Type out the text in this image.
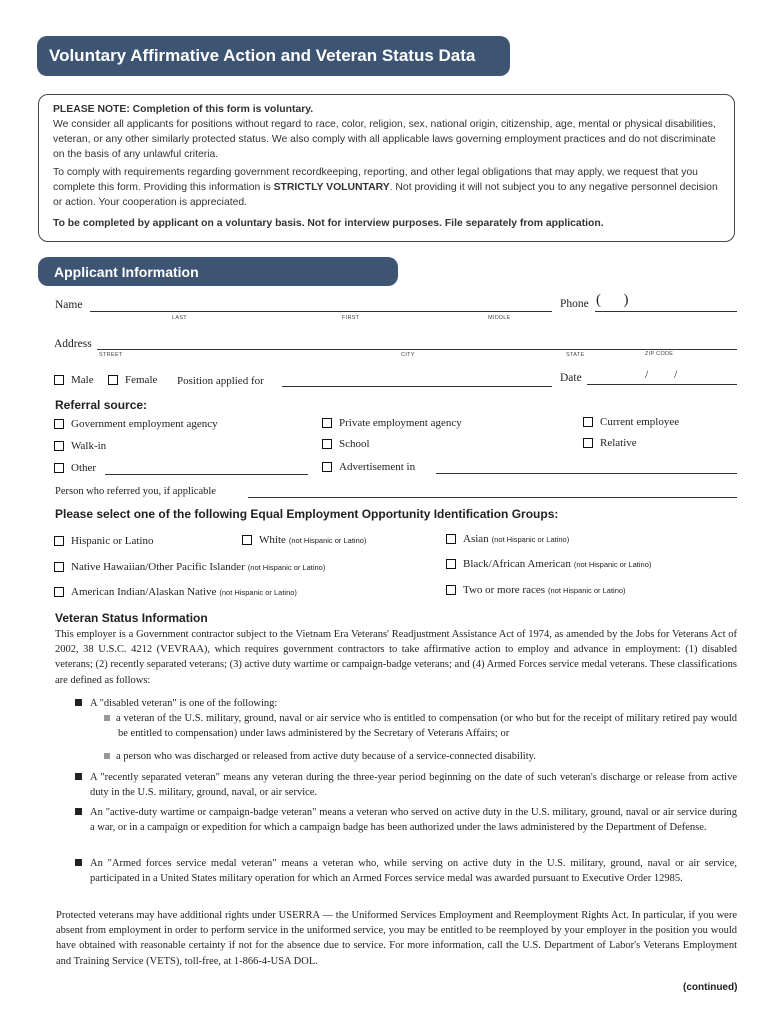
Voluntary Affirmative Action and Veteran Status Data

PLEASE NOTE: Completion of this form is voluntary.

We consider all applicants for positions without regard to race, color, religion, sex, national origin, citizenship, age, mental or physical disabilities, veteran, or any other similarly protected status. We also comply with all applicable laws governing employment practices and do not discriminate on the basis of any unlawful criteria.

To comply with requirements regarding government recordkeeping, reporting, and other legal obligations that may apply, we request that you complete this form. Providing this information is STRICTLY VOLUNTARY. Not providing it will not subject you to any negative personnel decision or action. Your cooperation is appreciated.

To be completed by applicant on a voluntary basis. Not for interview purposes. File separately from application.

Applicant Information
Name
LAST	FIRST	MIDDLE
Phone (      )
Address
STREET	CITY	STATE	ZIP CODE
Male	Female Position applied for	Date	/         /
Referral source:
Government employment agency	Private employment agency	Current employee
Walk-in	School	Relative
Other	Advertisement in
Person who referred you, if applicable
Please select one of the following Equal Employment Opportunity Identification Groups:
Hispanic or Latino	White (not Hispanic or Latino)	Asian (not Hispanic or Latino)
Native Hawaiian/Other Pacific Islander (not Hispanic or Latino)	Black/African American (not Hispanic or Latino)
American Indian/Alaskan Native (not Hispanic or Latino)	Two or more races (not Hispanic or Latino)
Veteran Status Information
This employer is a Government contractor subject to the Vietnam Era Veterans' Readjustment Assistance Act of 1974, as amended by the Jobs for Veterans Act of 2002, 38 U.S.C. 4212 (VEVRAA), which requires government contractors to take affirmative action to employ and advance in employment: (1) disabled veterans; (2) recently separated veterans; (3) active duty wartime or campaign-badge veterans; and (4) Armed Forces service medal veterans. These classifications are defined as follows:
A "disabled veteran" is one of the following:
a veteran of the U.S. military, ground, naval or air service who is entitled to compensation (or who but for the receipt of military retired pay would be entitled to compensation) under laws administered by the Secretary of Veterans Affairs; or
a person who was discharged or released from active duty because of a service-connected disability.
A "recently separated veteran" means any veteran during the three-year period beginning on the date of such veteran's discharge or release from active duty in the U.S. military, ground, naval, or air service.
An "active-duty wartime or campaign-badge veteran" means a veteran who served on active duty in the U.S. military, ground, naval or air service during a war, or in a campaign or expedition for which a campaign badge has been authorized under the laws administered by the Department of Defense.
An "Armed forces service medal veteran" means a veteran who, while serving on active duty in the U.S. military, ground, naval or air service, participated in a United States military operation for which an Armed Forces service medal was awarded pursuant to Executive Order 12985.
Protected veterans may have additional rights under USERRA — the Uniformed Services Employment and Reemployment Rights Act. In particular, if you were absent from employment in order to perform service in the uniformed service, you may be entitled to be reemployed by your employer in the position you would have obtained with reasonable certainty if not for the absence due to service. For more information, call the U.S. Department of Labor's Veterans Employment and Training Service (VETS), toll-free, at 1-866-4-USA DOL.
(continued)
